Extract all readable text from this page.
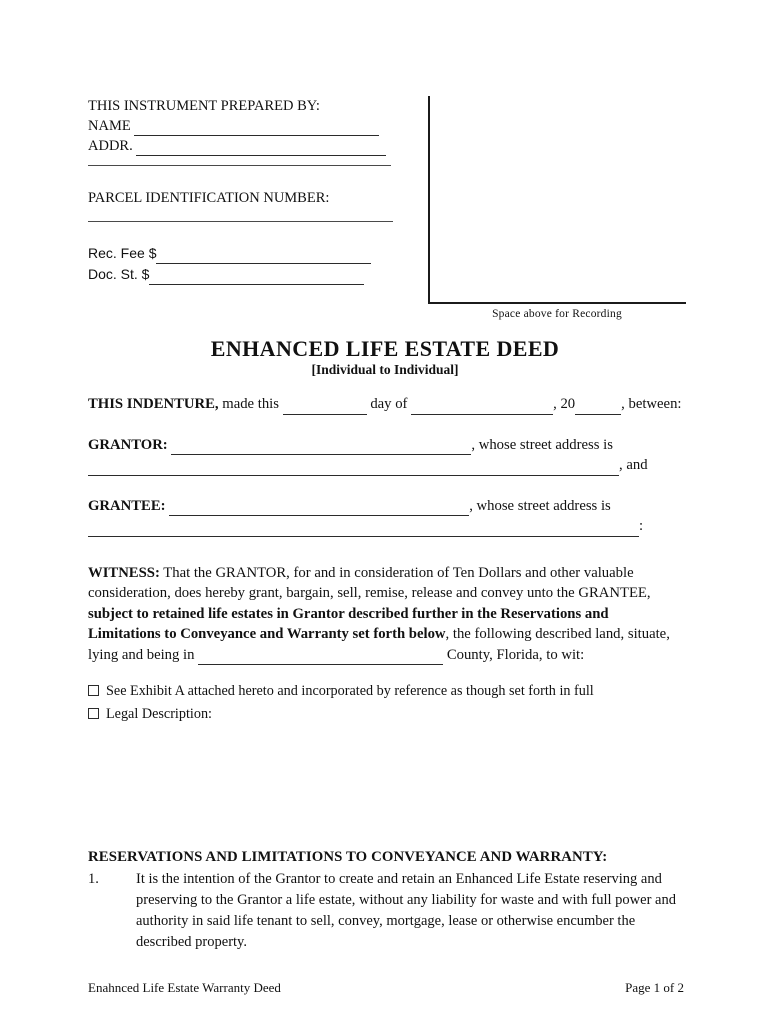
THIS INSTRUMENT PREPARED BY:
NAME
ADDR.
PARCEL IDENTIFICATION NUMBER:
Rec. Fee $
Doc. St. $
Space above for Recording
ENHANCED LIFE ESTATE DEED
[Individual to Individual]
THIS INDENTURE, made this	day of	, 20	, between:
GRANTOR:	, whose street address is
, and
GRANTEE:	, whose street address is
:
WITNESS: That the GRANTOR, for and in consideration of Ten Dollars and other valuable consideration, does hereby grant, bargain, sell, remise, release and convey unto the GRANTEE, subject to retained life estates in Grantor described further in the Reservations and Limitations to Conveyance and Warranty set forth below, the following described land, situate, lying and being in	County, Florida, to wit:
See Exhibit A attached hereto and incorporated by reference as though set forth in full
Legal Description:
RESERVATIONS AND LIMITATIONS TO CONVEYANCE AND WARRANTY:
1.	It is the intention of the Grantor to create and retain an Enhanced Life Estate reserving and preserving to the Grantor a life estate, without any liability for waste and with full power and authority in said life tenant to sell, convey, mortgage, lease or otherwise encumber the described property.
Enahnced Life Estate Warranty Deed	Page 1 of 2
